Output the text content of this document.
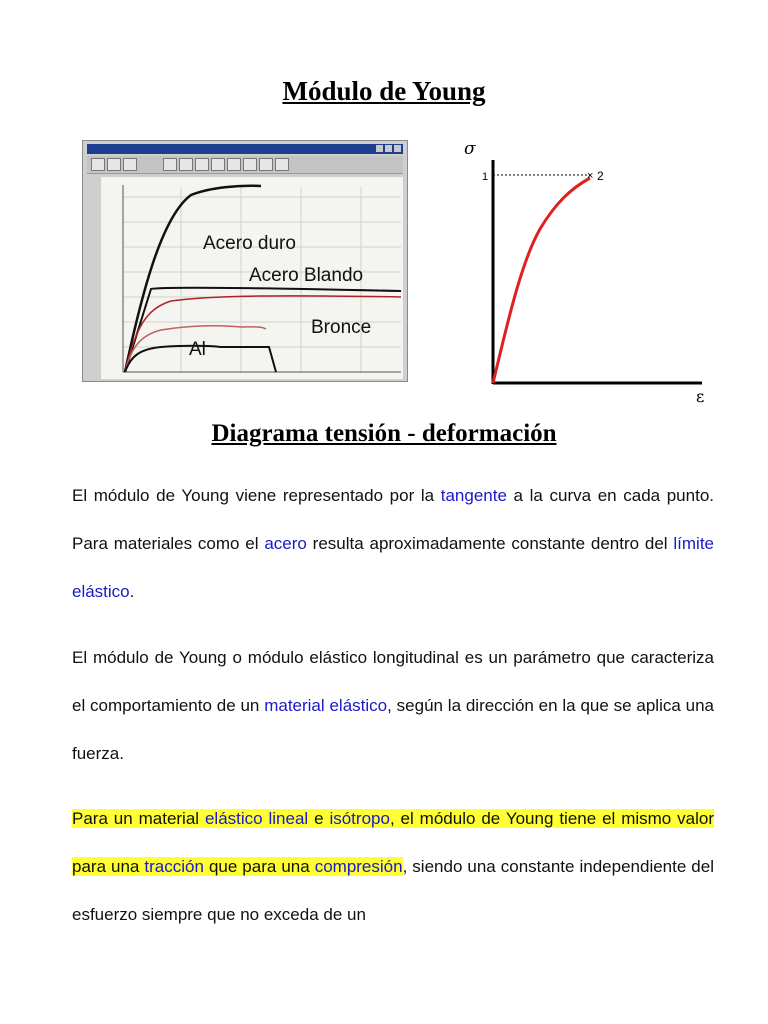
Módulo de Young
Acero duro
Acero Blando
Bronce
Al
σ
ε
1	× 2
Diagrama tensión - deformación

El módulo de Young viene representado por la tangente a la curva en cada punto. Para materiales como el acero resulta aproximadamente constante dentro del límite elástico.

El módulo de Young o módulo elástico longitudinal es un parámetro que caracteriza el comportamiento de un material elástico, según la dirección en la que se aplica una fuerza.

Para un material elástico lineal e isótropo, el módulo de Young tiene el mismo valor para una tracción que para una compresión, siendo una constante independiente del esfuerzo siempre que no exceda de un
